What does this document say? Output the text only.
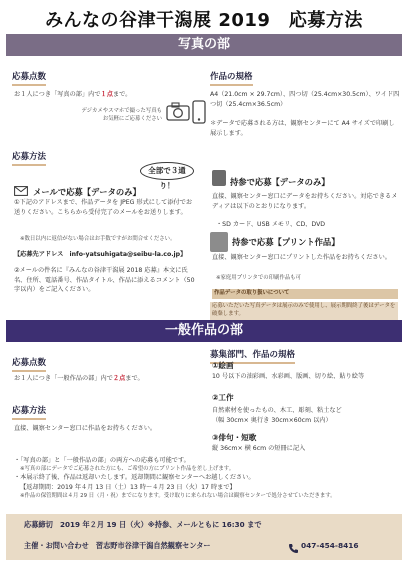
みんなの谷津干潟展 2019　応募方法
写真の部
応募点数
お１人につき「写真の部」内で１点まで。
デジカメやスマホで撮った写真もお気軽にご応募ください
作品の規格
A4（21.0cm × 29.7cm）、四つ切（25.4cm×30.5cm）、ワイド四つ切（25.4cm×36.5cm）
＊データで応募される方は、観察センターにて A4 サイズで印刷し展示します。
応募方法
全部で３通り！
メールで応募【データのみ】
①下記のアドレスまで、作品データを JPEG 形式にして添付でお送りください。こちらから受付完了のメールをお送りします。
※数日以内に返信がない場合はお手数ですがお問合せください。
【応募先アドレス　info-yatsuhigata@seibu-la.co.jp】
②メールの件名に『みんなの谷津干潟展 2018 応募』本文に氏名、住所、電話番号、作品タイトル、作品に添えるコメント（50 字以内）をご記入ください。
持参で応募【データのみ】
直接、観察センター窓口にデータをお持ちください。対応できるメディアは以下のとおりになります。
・SD カード、USB メモリ、CD、DVD
持参で応募【プリント作品】
直接、観察センター窓口にプリントした作品をお持ちください。
※家庭用プリンタでの印刷作品も可
作品データの取り扱いについて
応募いただいた写真データは展示のみで使用し、展示期間終了後はデータを破棄します。
一般作品の部
応募点数
お１人につき「一般作品の部」内で２点まで。
応募方法
直接、観察センター窓口に作品をお持ちください。
募集部門、作品の規格
①絵画
10 号以下の油彩画、水彩画、版画、切り絵、貼り絵等
②工作
自然素材を使ったもの、木工、彫刻、粘土など
（幅 30cm× 奥行き 30cm×60cm 以内）
③俳句・短歌
縦 36cm× 横 6cm の短冊に記入
・「写真の部」と「一般作品の部」の両方への応募も可能です。
※写真の部にデータでご応募された方にも、ご希望の方にプリント作品を差し上げます。
・本展示終了後、作品は返却いたします。返却期間に観察センターへお越しください。
【返却期間：2019 年４月 13 日（土）13 時～４月 23 日（火）17 時まで】
※作品の保管期間は４月 29 日（月・祝）までになります。受け取りに来られない場合は観察センターで処分させていただきます。
応募締切　2019 年２月 19 日（火）※持参、メールともに 16:30 まで
主催・お問い合わせ　習志野市谷津干潟自然観察センター	047-454-8416
